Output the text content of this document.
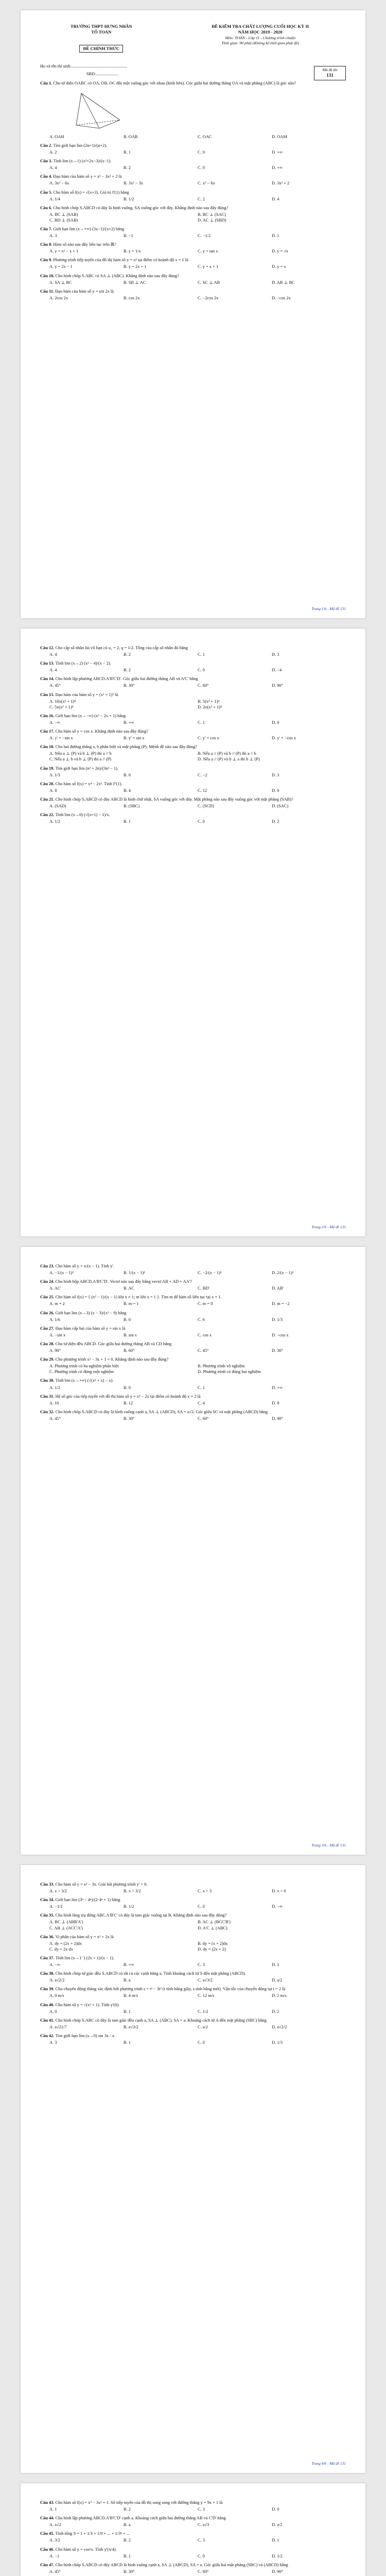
TRƯỜNG THPT HƯNG NHÂN
TỔ TOÁN
ĐỀ CHÍNH THỨC
ĐỀ KIỂM TRA CHẤT LƯỢNG CUỐI HỌC KỲ II
NĂM HỌC 2019 - 2020
Môn: TOÁN - Lớp 11 - Chương trình chuẩn
Thời gian: 90 phút (Không kể thời gian phát đề)
Mã đề thi
131
Họ và tên thí sinh:.....................................................
SBD:.....................
Câu 1. Cho tứ diện OABC có OA, OB, OC đôi một vuông góc với nhau (hình bên). Góc giữa hai đường thẳng OA và mặt phẳng (ABC) là góc nào?
A. OAH	B. OAB	C. OAC	D. OAM
Câu 2. Tìm giới hạn lim (2n+1)/(n+2).
A. 2	B. 1	C. 0	D. +∞
Câu 3. Tính lim (x→1) (x²+2x−3)/(x−1).
A. 4	B. 2	C. 0	D. +∞
Câu 4. Đạo hàm của hàm số y = x³ − 3x² + 2 là
A. 3x² − 6x	B. 3x² − 3x	C. x² − 6x	D. 3x² + 2
Câu 5. Cho hàm số f(x) = √(x+3). Giá trị f'(1) bằng
A. 1/4	B. 1/2	C. 2	D. 4
Câu 6. Cho hình chóp S.ABCD có đáy là hình vuông, SA vuông góc với đáy. Khẳng định nào sau đây đúng?
A. BC ⊥ (SAB)	B. BC ⊥ (SAC)
C. BD ⊥ (SAB)	D. AC ⊥ (SBD)
Câu 7. Giới hạn lim (x→+∞) (3x−1)/(x+2) bằng
A. 3	B. −1	C. −1/2	D. 1
Câu 8. Hàm số nào sau đây liên tục trên ℝ?
A. y = x³ − x + 1	B. y = 1/x	C. y = tan x	D. y = √x
Câu 9. Phương trình tiếp tuyến của đồ thị hàm số y = x² tại điểm có hoành độ x = 1 là
A. y = 2x − 1	B. y = 2x + 1	C. y = x + 1	D. y = x
Câu 10. Cho hình chóp S.ABC có SA ⊥ (ABC). Khẳng định nào sau đây đúng?
A. SA ⊥ BC	B. SB ⊥ AC	C. SC ⊥ AB	D. AB ⊥ BC
Câu 11. Đạo hàm của hàm số y = sin 2x là
A. 2cos 2x	B. cos 2x	C. −2cos 2x	D. −cos 2x
Trang 1/6 - Mã đề 131
Câu 12. Cho cấp số nhân lùi vô hạn có u₁ = 2, q = 1/2. Tổng của cấp số nhân đó bằng
A. 4	B. 2	C. 1	D. 3
Câu 13. Tính lim (x→2) (x² − 4)/(x − 2).
A. 4	B. 2	C. 0	D. −4
Câu 14. Cho hình lập phương ABCD.A'B'C'D'. Góc giữa hai đường thẳng AB và A'C' bằng
A. 45°	B. 30°	C. 60°	D. 90°
Câu 15. Đạo hàm của hàm số y = (x² + 1)⁵ là
A. 10x(x² + 1)⁴	B. 5(x² + 1)⁴
C. 5x(x² + 1)⁴	D. 2x(x² + 1)⁴
Câu 16. Giới hạn lim (x→−∞) (x³ − 2x + 1) bằng
A. −∞	B. +∞	C. 1	D. 0
Câu 17. Cho hàm số y = cos x. Khẳng định nào sau đây đúng?
A. y' = −sin x	B. y' = sin x	C. y' = cos x	D. y' = −cos x
Câu 18. Cho hai đường thẳng a, b phân biệt và mặt phẳng (P). Mệnh đề nào sau đây đúng?
A. Nếu a ⊥ (P) và b ⊥ (P) thì a // b	B. Nếu a // (P) và b // (P) thì a // b
C. Nếu a ⊥ b và b ⊥ (P) thì a // (P)	D. Nếu a // (P) và b ⊥ a thì b ⊥ (P)
Câu 19. Tìm giới hạn lim (n² + 2n)/(3n² − 1).
A. 1/3	B. 0	C. −2	D. 3
Câu 20. Cho hàm số f(x) = x⁴ − 2x². Tính f''(1).
A. 8	B. 4	C. 12	D. 0
Câu 21. Cho hình chóp S.ABCD có đáy ABCD là hình chữ nhật, SA vuông góc với đáy. Mặt phẳng nào sau đây vuông góc với mặt phẳng (SAB)?
A. (SAD)	B. (SBC)	C. (SCD)	D. (SAC)
Câu 22. Tính lim (x→0) (√(x+1) − 1)/x.
A. 1/2	B. 1	C. 0	D. 2
Trang 2/6 - Mã đề 131
Câu 23. Cho hàm số y = x/(x − 1). Tính y'.
A. −1/(x − 1)²	B. 1/(x − 1)²	C. −2/(x − 1)²	D. 2/(x − 1)²
Câu 24. Cho hình hộp ABCD.A'B'C'D'. Vectơ nào sau đây bằng vectơ AB + AD + AA'?
A. AC'	B. AC	C. BD'	D. AB'
Câu 25. Cho hàm số f(x) = { (x² − 1)/(x − 1) khi x ≠ 1; m khi x = 1 }. Tìm m để hàm số liên tục tại x = 1.
A. m = 2	B. m = 1	C. m = 0	D. m = −2
Câu 26. Giới hạn lim (x→3) (x − 3)/(x² − 9) bằng
A. 1/6	B. 0	C. 6	D. 1/3
Câu 27. Đạo hàm cấp hai của hàm số y = sin x là
A. −sin x	B. sin x	C. cos x	D. −cos x
Câu 28. Cho tứ diện đều ABCD. Góc giữa hai đường thẳng AB và CD bằng
A. 90°	B. 60°	C. 45°	D. 30°
Câu 29. Cho phương trình x³ − 3x + 1 = 0. Khẳng định nào sau đây đúng?
A. Phương trình có ba nghiệm phân biệt	B. Phương trình vô nghiệm
C. Phương trình có đúng một nghiệm	D. Phương trình có đúng hai nghiệm
Câu 30. Tính lim (x→+∞) (√(x² + x) − x).
A. 1/2	B. 0	C. 1	D. +∞
Câu 31. Hệ số góc của tiếp tuyến với đồ thị hàm số y = x³ − 2x tại điểm có hoành độ x = 2 là
A. 10	B. 12	C. 4	D. 8
Câu 32. Cho hình chóp S.ABCD có đáy là hình vuông cạnh a, SA ⊥ (ABCD), SA = a√2. Góc giữa SC và mặt phẳng (ABCD) bằng
A. 45°	B. 30°	C. 60°	D. 90°
Trang 3/6 - Mã đề 131
Câu 33. Cho hàm số y = x² − 3x. Giải bất phương trình y' > 0.
A. x > 3/2	B. x < 3/2	C. x > 3	D. x < 0
Câu 34. Giới hạn lim (3ⁿ − 4ⁿ)/(2·4ⁿ + 1) bằng
A. −1/2	B. 1/2	C. 0	D. −∞
Câu 35. Cho hình lăng trụ đứng ABC.A'B'C' có đáy là tam giác vuông tại B. Khẳng định nào sau đây đúng?
A. BC ⊥ (ABB'A')	B. AC ⊥ (BCC'B')
C. AB ⊥ (ACC'A')	D. A'C ⊥ (ABC)
Câu 36. Vi phân của hàm số y = x² + 2x là
A. dy = (2x + 2)dx	B. dy = (x + 2)dx
C. dy = 2x dx	D. dy = (2x + 2)
Câu 37. Tính lim (x→1⁻) (2x + 1)/(x − 1).
A. −∞	B. +∞	C. 3	D. 1
Câu 38. Cho hình chóp tứ giác đều S.ABCD có tất cả các cạnh bằng a. Tính khoảng cách từ S đến mặt phẳng (ABCD).
A. a√2/2	B. a	C. a√3/2	D. a/2
Câu 39. Cho chuyển động thẳng xác định bởi phương trình s = t³ − 3t² (t tính bằng giây, s tính bằng mét). Vận tốc của chuyển động tại t = 2 là
A. 0 m/s	B. 4 m/s	C. 12 m/s	D. 2 m/s
Câu 40. Cho hàm số y = √(x² + 1). Tính y'(0).
A. 0	B. 1	C. 1/2	D. 2
Câu 41. Cho hình chóp S.ABC có đáy là tam giác đều cạnh a, SA ⊥ (ABC), SA = a. Khoảng cách từ A đến mặt phẳng (SBC) bằng
A. a√21/7	B. a√3/2	C. a/2	D. a√2/2
Câu 42. Tìm giới hạn lim (x→0) sin 3x / x.
A. 3	B. 1	C. 0	D. 1/3
Trang 4/6 - Mã đề 131
Câu 43. Cho hàm số f(x) = x³ − 3x² + 1. Số tiếp tuyến của đồ thị song song với đường thẳng y = 9x + 1 là
A. 1	B. 2	C. 3	D. 0
Câu 44. Cho hình lập phương ABCD.A'B'C'D' cạnh a. Khoảng cách giữa hai đường thẳng AB và C'D' bằng
A. a√2	B. a	C. a√3	D. a/2
Câu 45. Tính tổng S = 1 + 1/3 + 1/9 + ... + 1/3ⁿ + ...
A. 3/2	B. 2	C. 3	D. 1
Câu 46. Cho hàm số y = cos²x. Tính y'(π/4).
A. −1	B. 1	C. 0	D. 1/2
Câu 47. Cho hình chóp S.ABCD có đáy ABCD là hình vuông cạnh a, SA ⊥ (ABCD), SA = a. Góc giữa hai mặt phẳng (SBC) và (ABCD) bằng
A. 45°	B. 30°	C. 60°	D. 90°
